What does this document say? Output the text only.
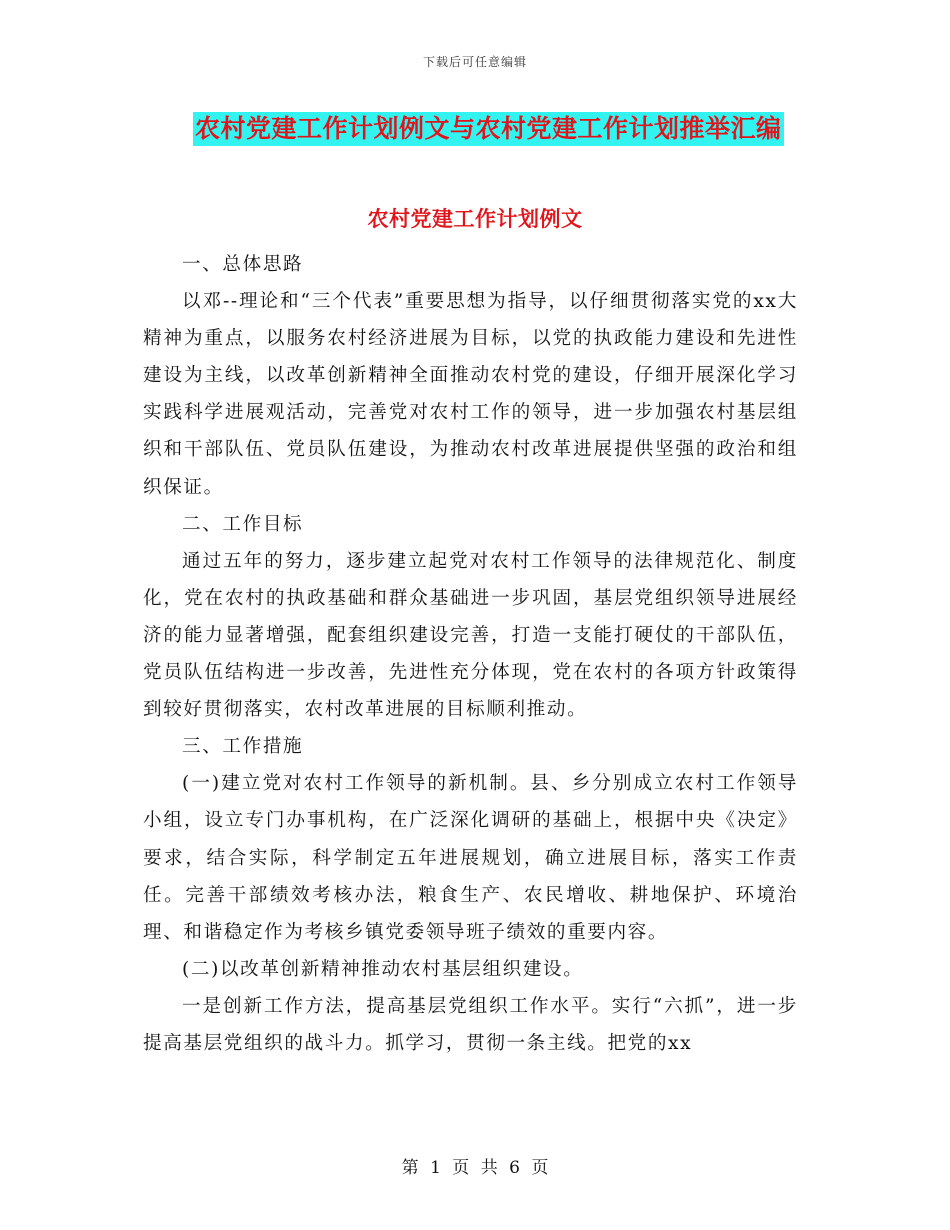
下载后可任意编辑
农村党建工作计划例文与农村党建工作计划推举汇编
农村党建工作计划例文

一、总体思路

以邓--理论和“三个代表”重要思想为指导，以仔细贯彻落实党的xx大精神为重点，以服务农村经济进展为目标，以党的执政能力建设和先进性建设为主线，以改革创新精神全面推动农村党的建设，仔细开展深化学习实践科学进展观活动，完善党对农村工作的领导，进一步加强农村基层组织和干部队伍、党员队伍建设，为推动农村改革进展提供坚强的政治和组织保证。

二、工作目标

通过五年的努力，逐步建立起党对农村工作领导的法律规范化、制度化，党在农村的执政基础和群众基础进一步巩固，基层党组织领导进展经济的能力显著增强，配套组织建设完善，打造一支能打硬仗的干部队伍，党员队伍结构进一步改善，先进性充分体现，党在农村的各项方针政策得到较好贯彻落实，农村改革进展的目标顺利推动。

三、工作措施

(一)建立党对农村工作领导的新机制。县、乡分别成立农村工作领导小组，设立专门办事机构，在广泛深化调研的基础上，根据中央《决定》要求，结合实际，科学制定五年进展规划，确立进展目标，落实工作责任。完善干部绩效考核办法，粮食生产、农民增收、耕地保护、环境治理、和谐稳定作为考核乡镇党委领导班子绩效的重要内容。

(二)以改革创新精神推动农村基层组织建设。

一是创新工作方法，提高基层党组织工作水平。实行“六抓”，进一步提高基层党组织的战斗力。抓学习，贯彻一条主线。把党的xx

第 1 页 共 6 页
